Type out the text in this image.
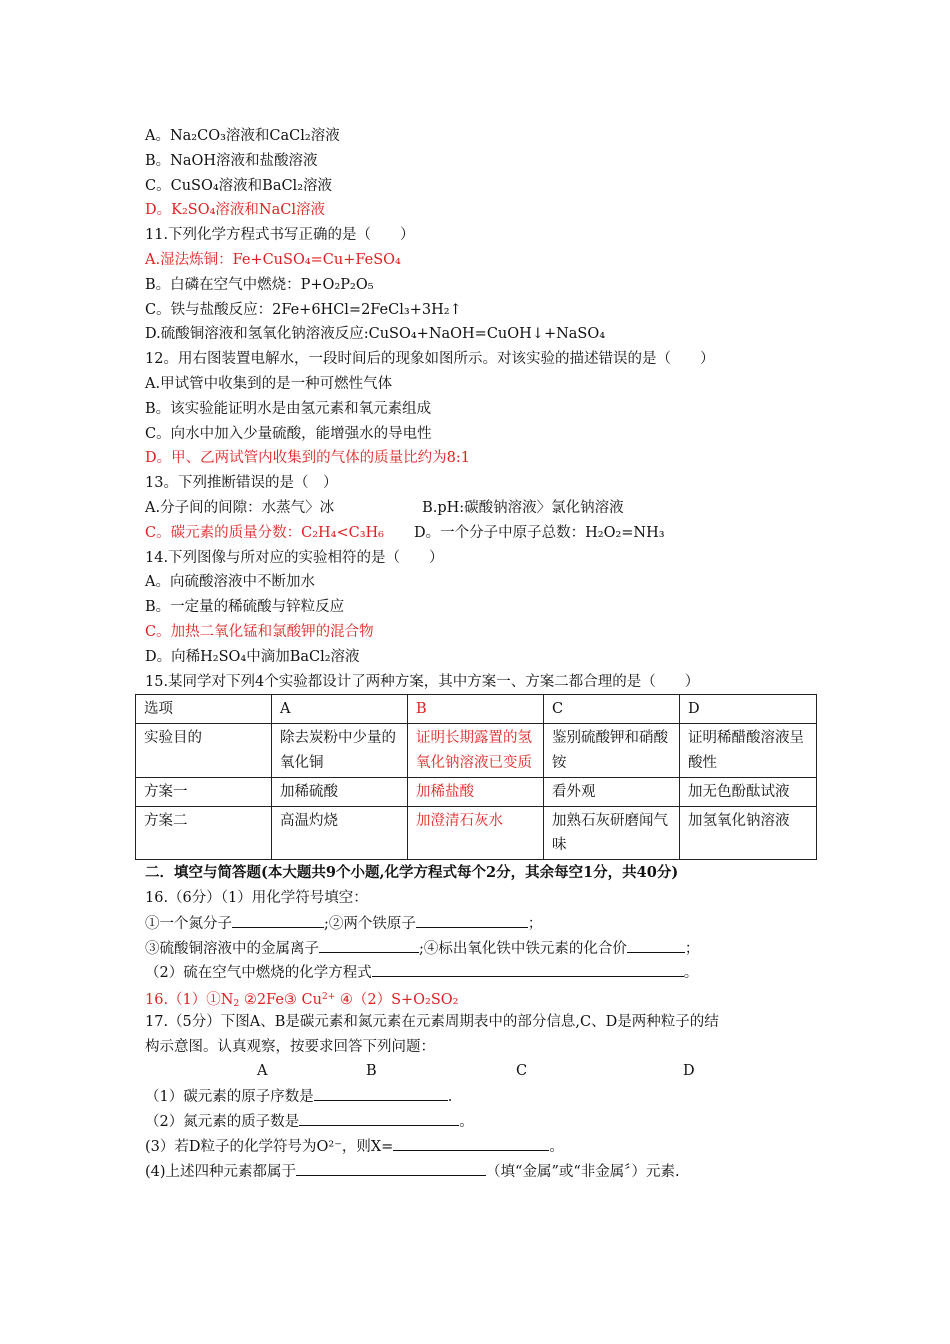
A。Na₂CO₃溶液和CaCl₂溶液
B。NaOH溶液和盐酸溶液
C。CuSO₄溶液和BaCl₂溶液
D。K₂SO₄溶液和NaCl溶液
11.下列化学方程式书写正确的是（　　）
A.湿法炼铜：Fe+CuSO₄=Cu+FeSO₄
B。白磷在空气中燃烧：P+O₂P₂O₅
C。铁与盐酸反应：2Fe+6HCl=2FeCl₃+3H₂↑
D.硫酸铜溶液和氢氧化钠溶液反应:CuSO₄+NaOH=CuOH↓+NaSO₄
12。用右图装置电解水，一段时间后的现象如图所示。对该实验的描述错误的是（　　）
A.甲试管中收集到的是一种可燃性气体
B。该实验能证明水是由氢元素和氧元素组成
C。向水中加入少量硫酸，能增强水的导电性
D。甲、乙两试管内收集到的气体的质量比约为8:1
13。下列推断错误的是（　）
A.分子间的间隙：水蒸气〉冰	B.pH:碳酸钠溶液〉氯化钠溶液
C。碳元素的质量分数：C₂H₄<C₃H₆ D。一个分子中原子总数：H₂O₂=NH₃
14.下列图像与所对应的实验相符的是（　　）
A。向硫酸溶液中不断加水
B。一定量的稀硫酸与锌粒反应
C。加热二氧化锰和氯酸钾的混合物
D。向稀H₂SO₄中滴加BaCl₂溶液
15.某同学对下列4个实验都设计了两种方案，其中方案一、方案二都合理的是（　　）
选项	A	B	C	D
实验目的	除去炭粉中少量的氧化铜	证明长期露置的氢氧化钠溶液已变质	鉴别硫酸钾和硝酸铵	证明稀醋酸溶液呈酸性
方案一	加稀硫酸	加稀盐酸	看外观	加无色酚酞试液
方案二	高温灼烧	加澄清石灰水	加熟石灰研磨闻气味	加氢氧化钠溶液
二．填空与简答题(本大题共9个小题,化学方程式每个2分，其余每空1分，共40分)
16.（6分）（1）用化学符号填空：
①一个氮分子	;②两个铁原子	；
③硫酸铜溶液中的金属离子	;④标出氧化铁中铁元素的化合价	；
（2）硫在空气中燃烧的化学方程式	。
$16.(1)①N_2$ ②2Fe③ $Cu^{2+}$ ④（2）S+O₂SO₂
17.（5分）下图A、B是碳元素和氮元素在元素周期表中的部分信息,C、D是两种粒子的结
构示意图。认真观察，按要求回答下列问题：
A	B	C	D
（1）碳元素的原子序数是	.
（2）氮元素的质子数是	。
(3）若D粒子的化学符号为O²⁻，则X=	。
(4)上述四种元素都属于	（填“金属”或“非金属〞）元素.
